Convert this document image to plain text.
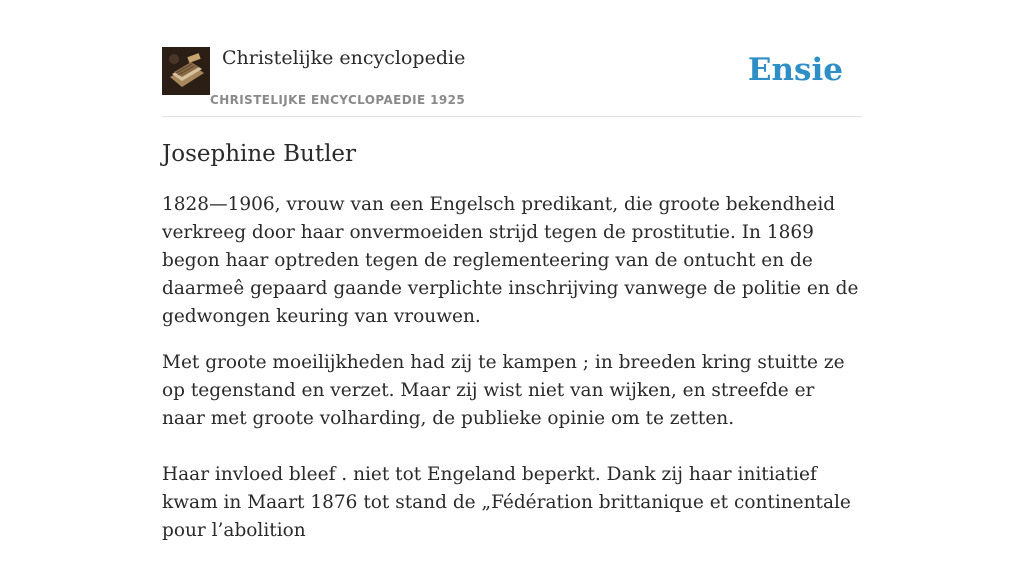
Christelijke encyclopedie
CHRISTELIJKE ENCYCLOPAEDIE 1925
Ensie
Josephine Butler

1828—1906, vrouw van een Engelsch predikant, die groote bekendheid verkreeg door haar onvermoeiden strijd tegen de prostitutie. In 1869 begon haar optreden tegen de reglementeering van de ontucht en de daarmeê gepaard gaande verplichte inschrijving vanwege de politie en de gedwongen keuring van vrouwen.

Met groote moeilijkheden had zij te kampen ; in breeden kring stuitte ze op tegenstand en verzet. Maar zij wist niet van wijken, en streefde er naar met groote volharding, de publieke opinie om te zetten.

Haar invloed bleef . niet tot Engeland beperkt. Dank zij haar initiatief kwam in Maart 1876 tot stand de „Fédération brittanique et continentale pour l’abolition
